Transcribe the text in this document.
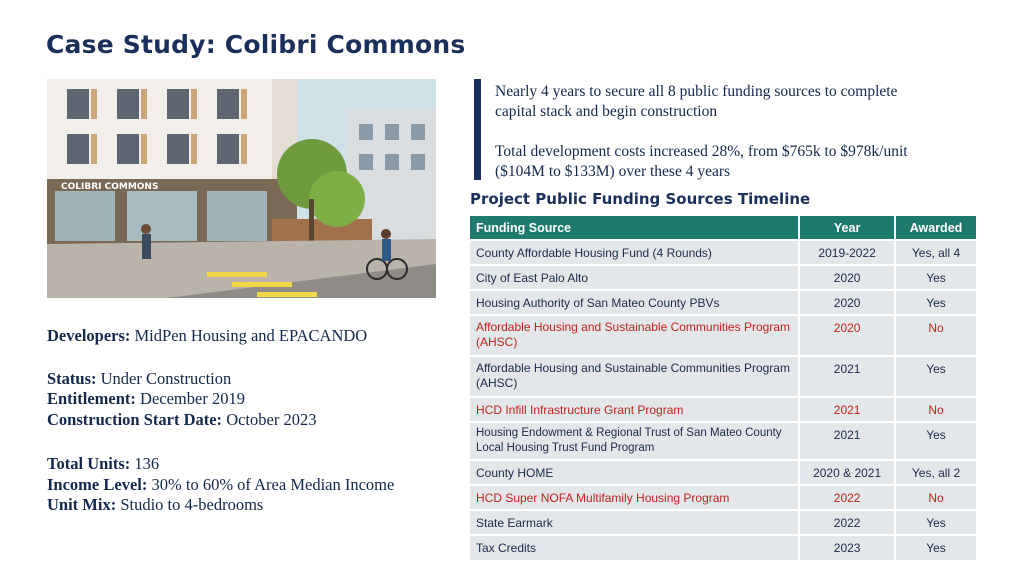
Case Study: Colibri Commons
COLIBRI COMMONS
Developers: MidPen Housing and EPACANDO
Status: Under Construction
Entitlement: December 2019
Construction Start Date: October 2023
Total Units: 136
Income Level: 30% to 60% of Area Median Income
Unit Mix: Studio to 4-bedrooms
Nearly 4 years to secure all 8 public funding sources to complete capital stack and begin construction
Total development costs increased 28%, from $765k to $978k/unit ($104M to $133M) over these 4 years
Project Public Funding Sources Timeline
Funding Source	Year	Awarded

County Affordable Housing Fund (4 Rounds)	2019-2022	Yes, all 4

City of East Palo Alto	2020	Yes

Housing Authority of San Mateo County PBVs	2020	Yes

Affordable Housing and Sustainable Communities Program (AHSC)	2020	No

Affordable Housing and Sustainable Communities Program (AHSC)	2021	Yes

HCD Infill Infrastructure Grant Program	2021	No

Housing Endowment & Regional Trust of San Mateo County Local Housing Trust Fund Program	2021	Yes

County HOME	2020 & 2021	Yes, all 2

HCD Super NOFA Multifamily Housing Program	2022	No

State Earmark	2022	Yes

Tax Credits	2023	Yes
